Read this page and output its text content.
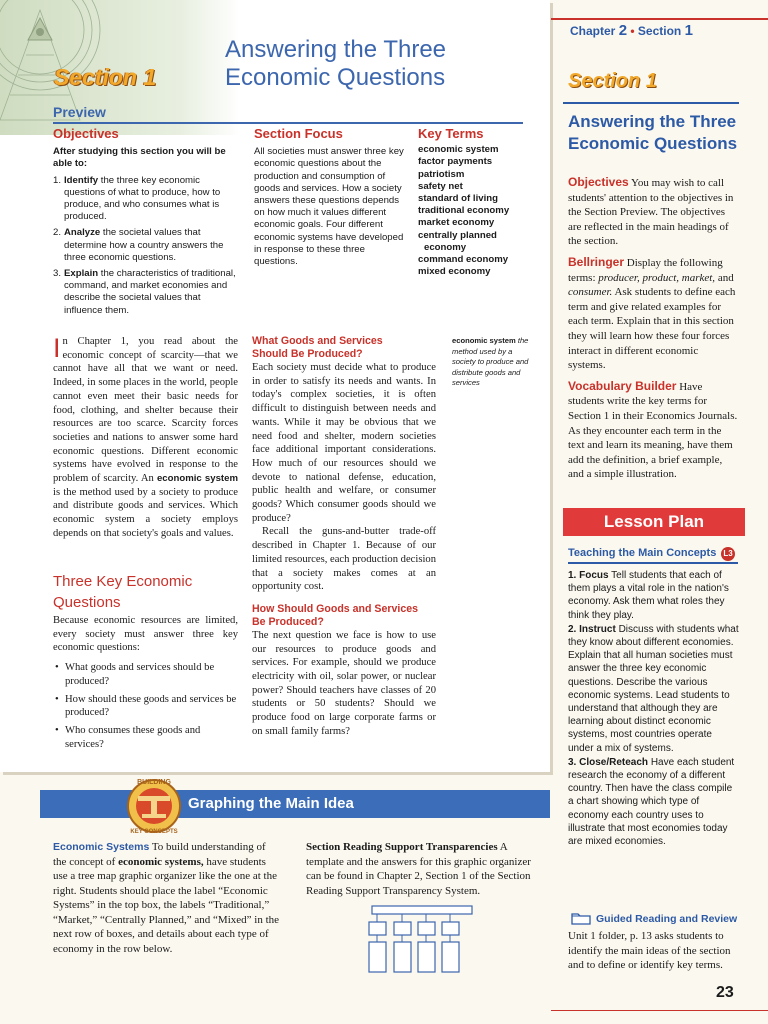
Section 1
Answering the Three
Economic Questions
Preview
Objectives
After studying this section you will be able to:
1. Identify the three key economic questions of what to produce, how to produce, and who consumes what is produced.
2. Analyze the societal values that determine how a country answers the three economic questions.
3. Explain the characteristics of traditional, command, and market economies and describe the societal values that influence them.
Section Focus
All societies must answer three key economic questions about the production and consumption of goods and services. How a society answers these questions depends on how much it values different economic goals. Four different economic systems have developed in response to these three questions.
Key Terms
economic system
factor payments
patriotism
safety net
standard of living
traditional economy
market economy
centrally planned
economy
command economy
mixed economy
In Chapter 1, you read about the economic concept of scarcity—that we cannot have all that we want or need. Indeed, in some places in the world, people cannot even meet their basic needs for food, clothing, and shelter because their resources are too scarce. Scarcity forces societies and nations to answer some hard economic questions. Different economic systems have evolved in response to the problem of scarcity. An economic system is the method used by a society to produce and distribute goods and services. Which economic system a society employs depends on that society's goals and values.
Three Key Economic
Questions
Because economic resources are limited, every society must answer three key economic questions:
• What goods and services should be produced?
• How should these goods and services be produced?
• Who consumes these goods and services?
What Goods and Services
Should Be Produced?
Each society must decide what to produce in order to satisfy its needs and wants. In today's complex societies, it is often difficult to distinguish between needs and wants. While it may be obvious that we need food and shelter, modern societies face additional important considerations. How much of our resources should we devote to national defense, education, public health and welfare, or consumer goods? Which consumer goods should we produce?
Recall the guns-and-butter trade-off described in Chapter 1. Because of our limited resources, each production decision that a society makes comes at an opportunity cost.
How Should Goods and Services
Be Produced?
The next question we face is how to use our resources to produce goods and services. For example, should we produce electricity with oil, solar power, or nuclear power? Should teachers have classes of 20 students or 50 students? Should we produce food on large corporate farms or on small family farms?
economic system the method used by a society to produce and distribute goods and services
BUILDING
KEY CONCEPTS
Graphing the Main Idea
Economic Systems To build understanding of the concept of economic systems, have students use a tree map graphic organizer like the one at the right. Students should place the label “Economic Systems” in the top box, the labels “Traditional,” “Market,” “Centrally Planned,” and “Mixed” in the next row of boxes, and details about each type of economy in the row below.
Section Reading Support Transparencies A template and the answers for this graphic organizer can be found in Chapter 2, Section 1 of the Section Reading Support Transparency System.
Chapter 2 • Section 1
Section 1
Answering the Three
Economic Questions

Objectives You may wish to call students' attention to the objectives in the Section Preview. The objectives are reflected in the main headings of the section.

Bellringer Display the following terms: producer, product, market, and consumer. Ask students to define each term and give related examples for each term. Explain that in this section they will learn how these four forces interact in different economic systems.

Vocabulary Builder Have students write the key terms for Section 1 in their Economics Journals. As they encounter each term in the text and learn its meaning, have them add the definition, a brief example, and a simple illustration.

Lesson Plan
Teaching the Main Concepts L3

1. Focus Tell students that each of them plays a vital role in the nation's economy. Ask them what roles they think they play.

2. Instruct Discuss with students what they know about different economies. Explain that all human societies must answer the three key economic questions. Describe the various economic systems. Lead students to understand that although they are learning about distinct economic systems, most countries operate under a mix of systems.

3. Close/Reteach Have each student research the economy of a different country. Then have the class compile a chart showing which type of economy each country uses to illustrate that most economies today are mixed economies.

Guided Reading and Review
Unit 1 folder, p. 13 asks students to identify the main ideas of the section and to define or identify key terms.
23
